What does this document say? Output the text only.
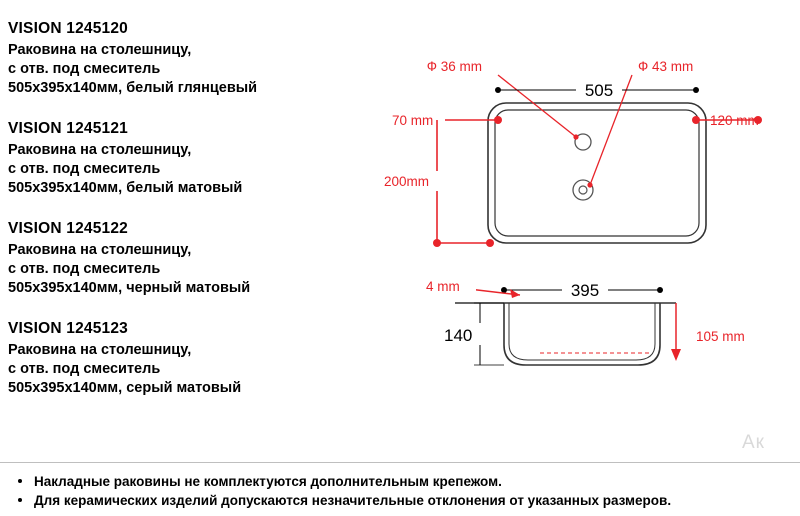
VISION 1245120
Раковина на столешницу,
с отв. под смеситель
505х395х140мм, белый глянцевый
VISION 1245121
Раковина на столешницу,
с отв. под смеситель
505х395х140мм, белый матовый
VISION 1245122
Раковина на столешницу,
с отв. под смеситель
505х395х140мм, черный матовый
VISION 1245123
Раковина на столешницу,
с отв. под смеситель
505х395х140мм, серый матовый
Ф 36 mm	Ф 43 mm
505
70 mm	120 mm
200mm
395
4 mm
140	105 mm
Ак
Накладные раковины не комплектуются дополнительным крепежом.
Для керамических изделий допускаются незначительные отклонения от указанных размеров.
